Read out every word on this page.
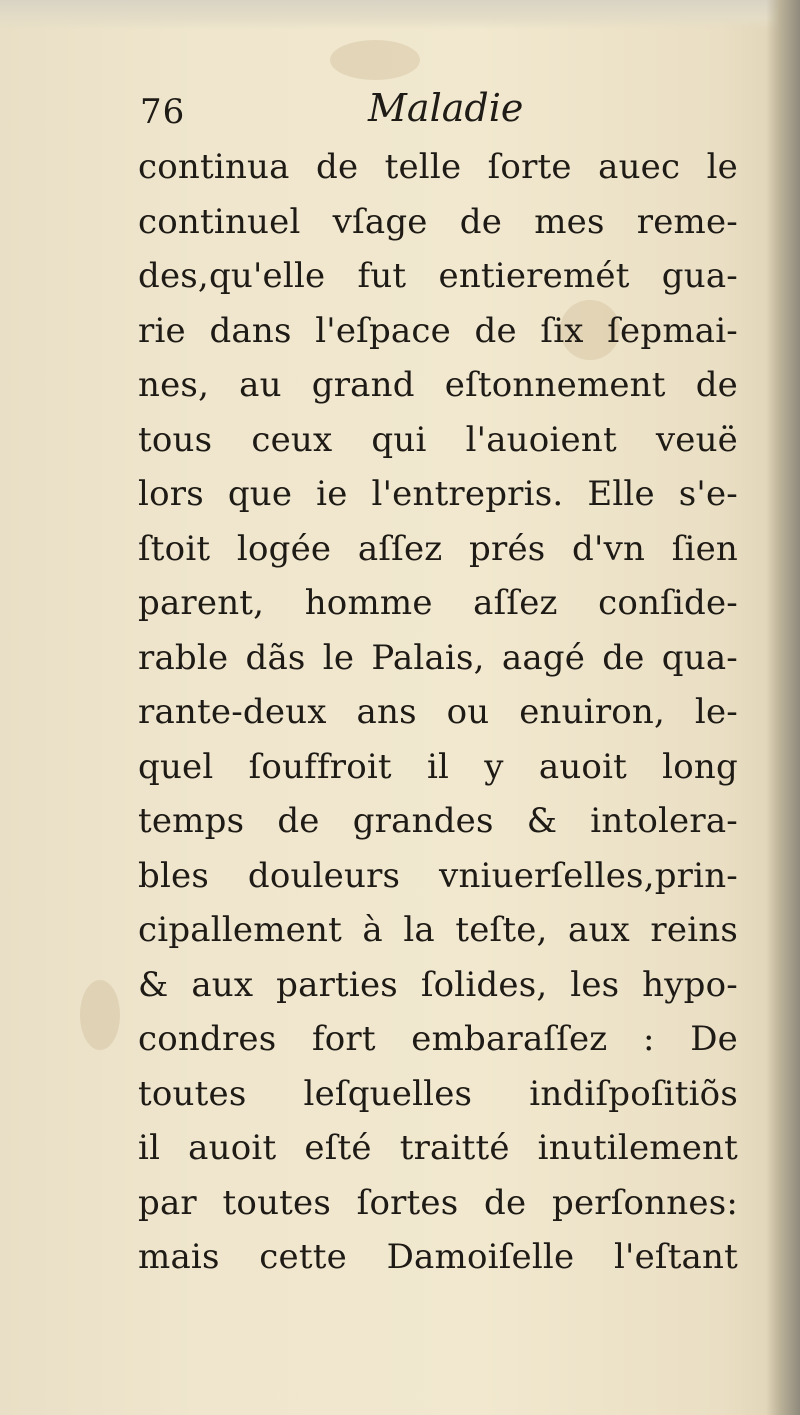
76	Maladie
continua de telle ſorte auec le
continuel vſage de mes reme-
des,qu'elle fut entieremét gua-
rie dans l'eſpace de ſix ſepmai-
nes, au grand eſtonnement de
tous ceux qui l'auoient veuë
lors que ie l'entrepris. Elle s'e-
ſtoit logée aſſez prés d'vn ſien
parent, homme aſſez conſide-
rable dãs le Palais, aagé de qua-
rante-deux ans ou enuiron, le-
quel ſouffroit il y auoit long
temps de grandes & intolera-
bles douleurs vniuerſelles,prin-
cipallement à la teſte, aux reins
& aux parties ſolides, les hypo-
condres fort embaraſſez : De
toutes leſquelles indiſpoſitiõs
il auoit eſté traitté inutilement
par toutes ſortes de perſonnes:
mais cette Damoiſelle l'eſtant
